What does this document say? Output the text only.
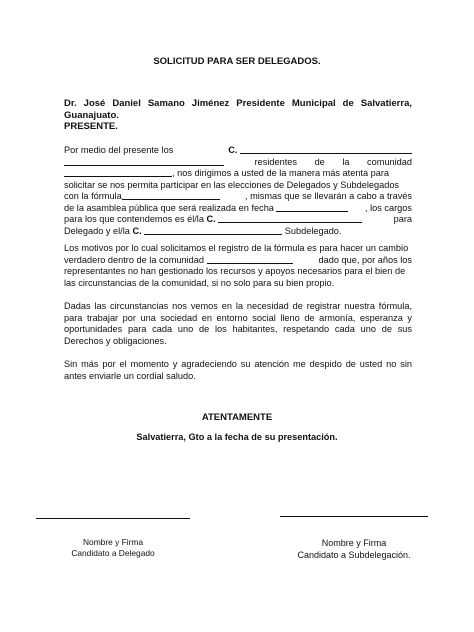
SOLICITUD PARA SER DELEGADOS.
Dr. José Daniel Samano Jiménez Presidente Municipal de Salvatierra,
Guanajuato.
PRESENTE.
Por medio del presente los	C.

residentes de la comunidad
, nos dirigimos a usted de la manera más atenta para
solicitar se nos permita participar en las elecciones de Delegados y Subdelegados
con la fórmula	, mismas que se llevarán a cabo a través
de la asamblea pública que será realizada en fecha
	, los cargos
para los que contendemos es él/la
C.
	para
Delegado y el/la
C.

	Subdelegado.
Los motivos por lo cual solicitamos el registro de la fórmula es para hacer un cambio
verdadero dentro de la comunidad
	dado que, por años los
representantes no han gestionado los recursos y apoyos necesarios para el bien de
las circunstancias de la comunidad, si no solo para su bien propio.

Dadas las circunstancias nos vemos en la necesidad de registrar nuestra fórmula, para trabajar por una sociedad en entorno social lleno de armonía, esperanza y oportunidades para cada uno de los habitantes, respetando cada uno de sus Derechos y obligaciones.

Sin más por el momento y agradeciendo su atención me despido de usted no sin antes enviarle un cordial saludo.

ATENTAMENTE
Salvatierra, Gto a la fecha de su presentación.
Nombre y Firma
Candidato a Delegado
Nombre y Firma
Candidato a Subdelegación.
